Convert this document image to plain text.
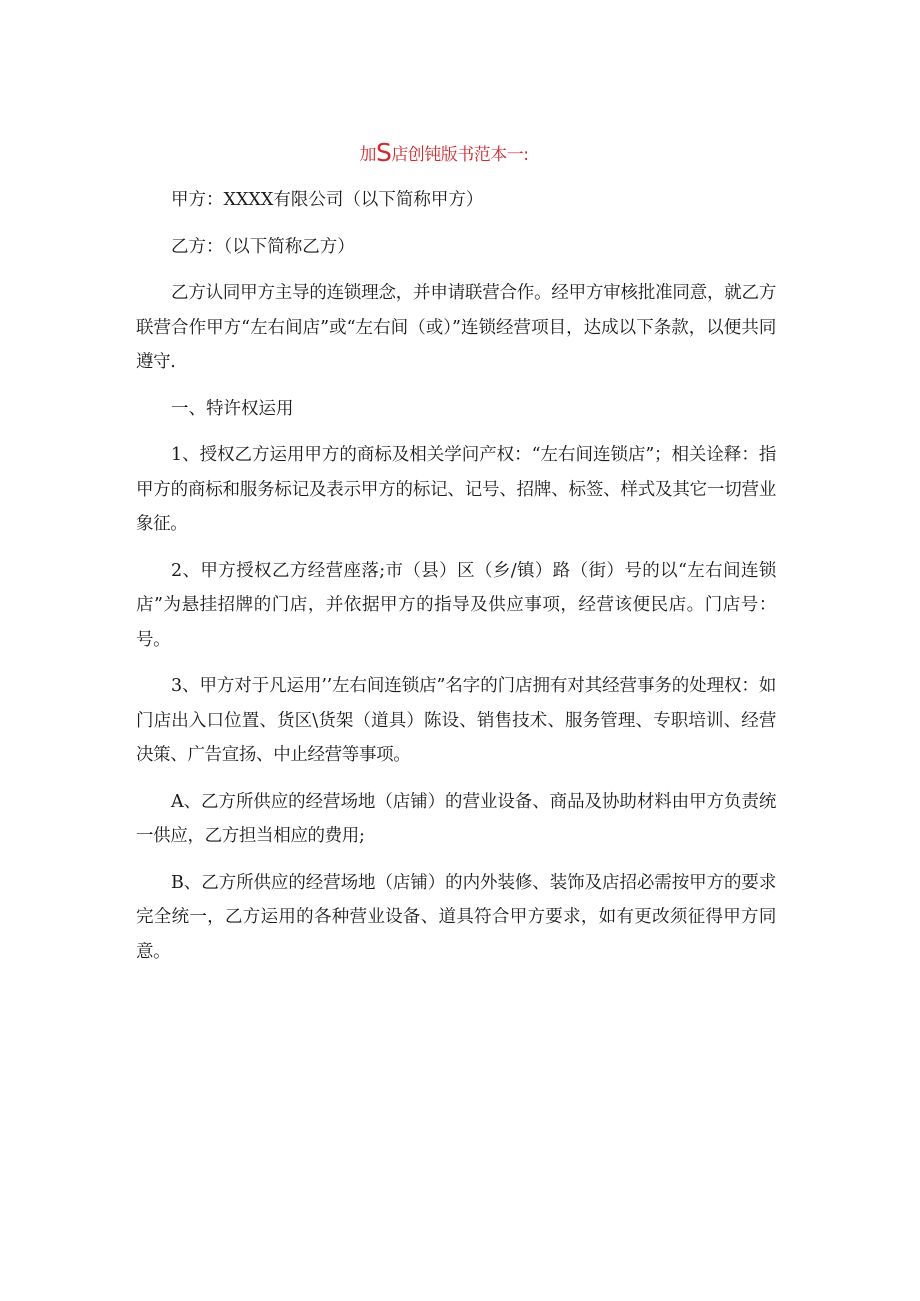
加S店创钝版书范本一:

甲方：XXXX有限公司（以下简称甲方）

乙方：（以下简称乙方）

乙方认同甲方主导的连锁理念，并申请联营合作。经甲方审核批准同意，就乙方联营合作甲方“左右间店”或“左右间（或）”连锁经营项目，达成以下条款，以便共同遵守.

一、特许权运用

1、授权乙方运用甲方的商标及相关学问产权：“左右间连锁店”；相关诠释：指甲方的商标和服务标记及表示甲方的标记、记号、招牌、标签、样式及其它一切营业象征。

2、甲方授权乙方经营座落;市（县）区（乡/镇）路（街）号的以“左右间连锁店”为悬挂招牌的门店，并依据甲方的指导及供应事项，经营该便民店。门店号：号。

3、甲方对于凡运用’’左右间连锁店”名字的门店拥有对其经营事务的处理权：如门店出入口位置、货区\货架（道具）陈设、销售技术、服务管理、专职培训、经营决策、广告宣扬、中止经营等事项。

A、乙方所供应的经营场地（店铺）的营业设备、商品及协助材料由甲方负责统一供应，乙方担当相应的费用;

B、乙方所供应的经营场地（店铺）的内外装修、装饰及店招必需按甲方的要求完全统一，乙方运用的各种营业设备、道具符合甲方要求，如有更改须征得甲方同意。
